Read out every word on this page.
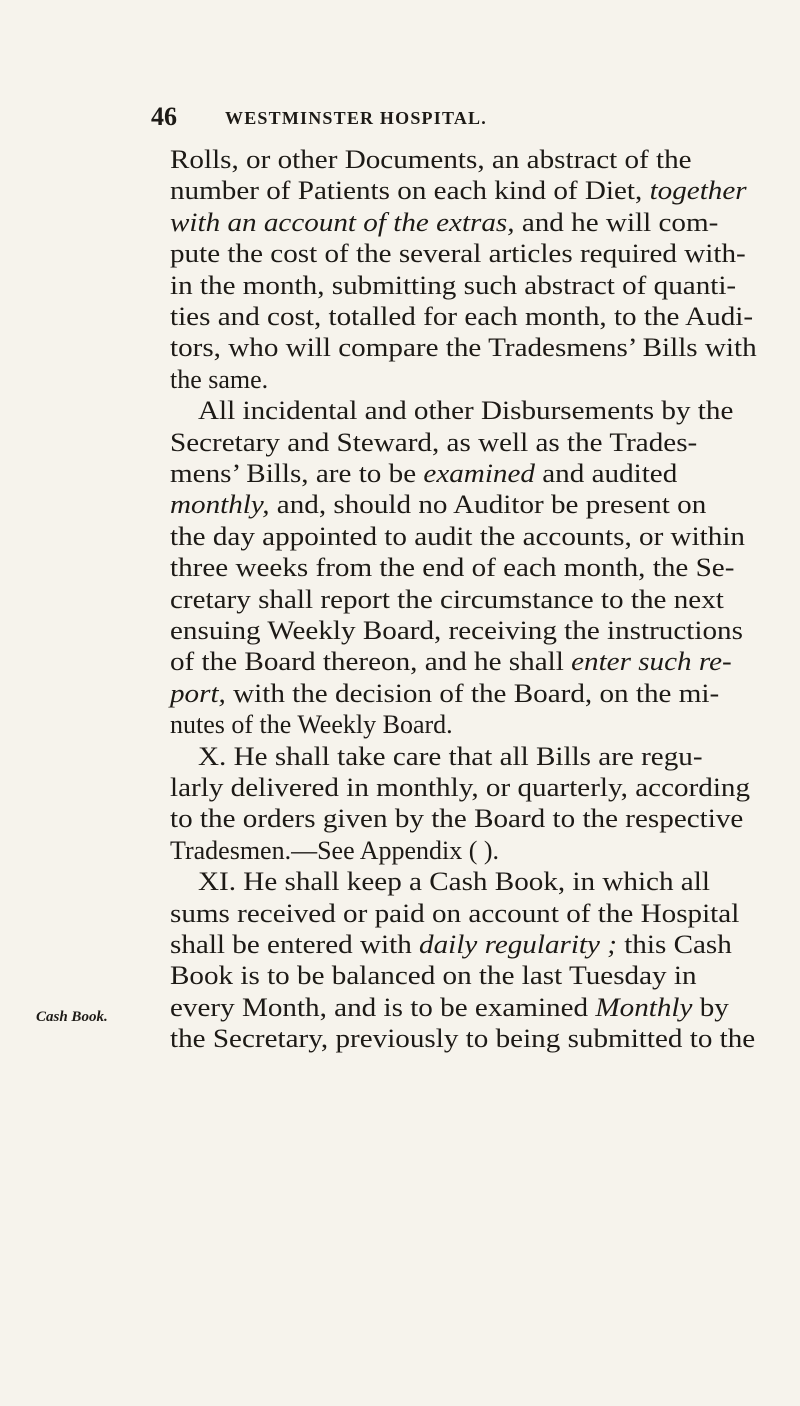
46	WESTMINSTER HOSPITAL.
Cash Book.
Rolls, or other Documents, an abstract of the
number of Patients on each kind of Diet, together
with an account of the extras, and he will com-
pute the cost of the several articles required with-
in the month, submitting such abstract of quanti-
ties and cost, totalled for each month, to the Audi-
tors, who will compare the Tradesmens’ Bills with
the same.
All incidental and other Disbursements by the
Secretary and Steward, as well as the Trades-
mens’ Bills, are to be examined and audited
monthly, and, should no Auditor be present on
the day appointed to audit the accounts, or within
three weeks from the end of each month, the Se-
cretary shall report the circumstance to the next
ensuing Weekly Board, receiving the instructions
of the Board thereon, and he shall enter such re-
port, with the decision of the Board, on the mi-
nutes of the Weekly Board.
X. He shall take care that all Bills are regu-
larly delivered in monthly, or quarterly, according
to the orders given by the Board to the respective
Tradesmen.—See Appendix ( ).
XI. He shall keep a Cash Book, in which all
sums received or paid on account of the Hospital
shall be entered with daily regularity ; this Cash
Book is to be balanced on the last Tuesday in
every Month, and is to be examined Monthly by
the Secretary, previously to being submitted to the
